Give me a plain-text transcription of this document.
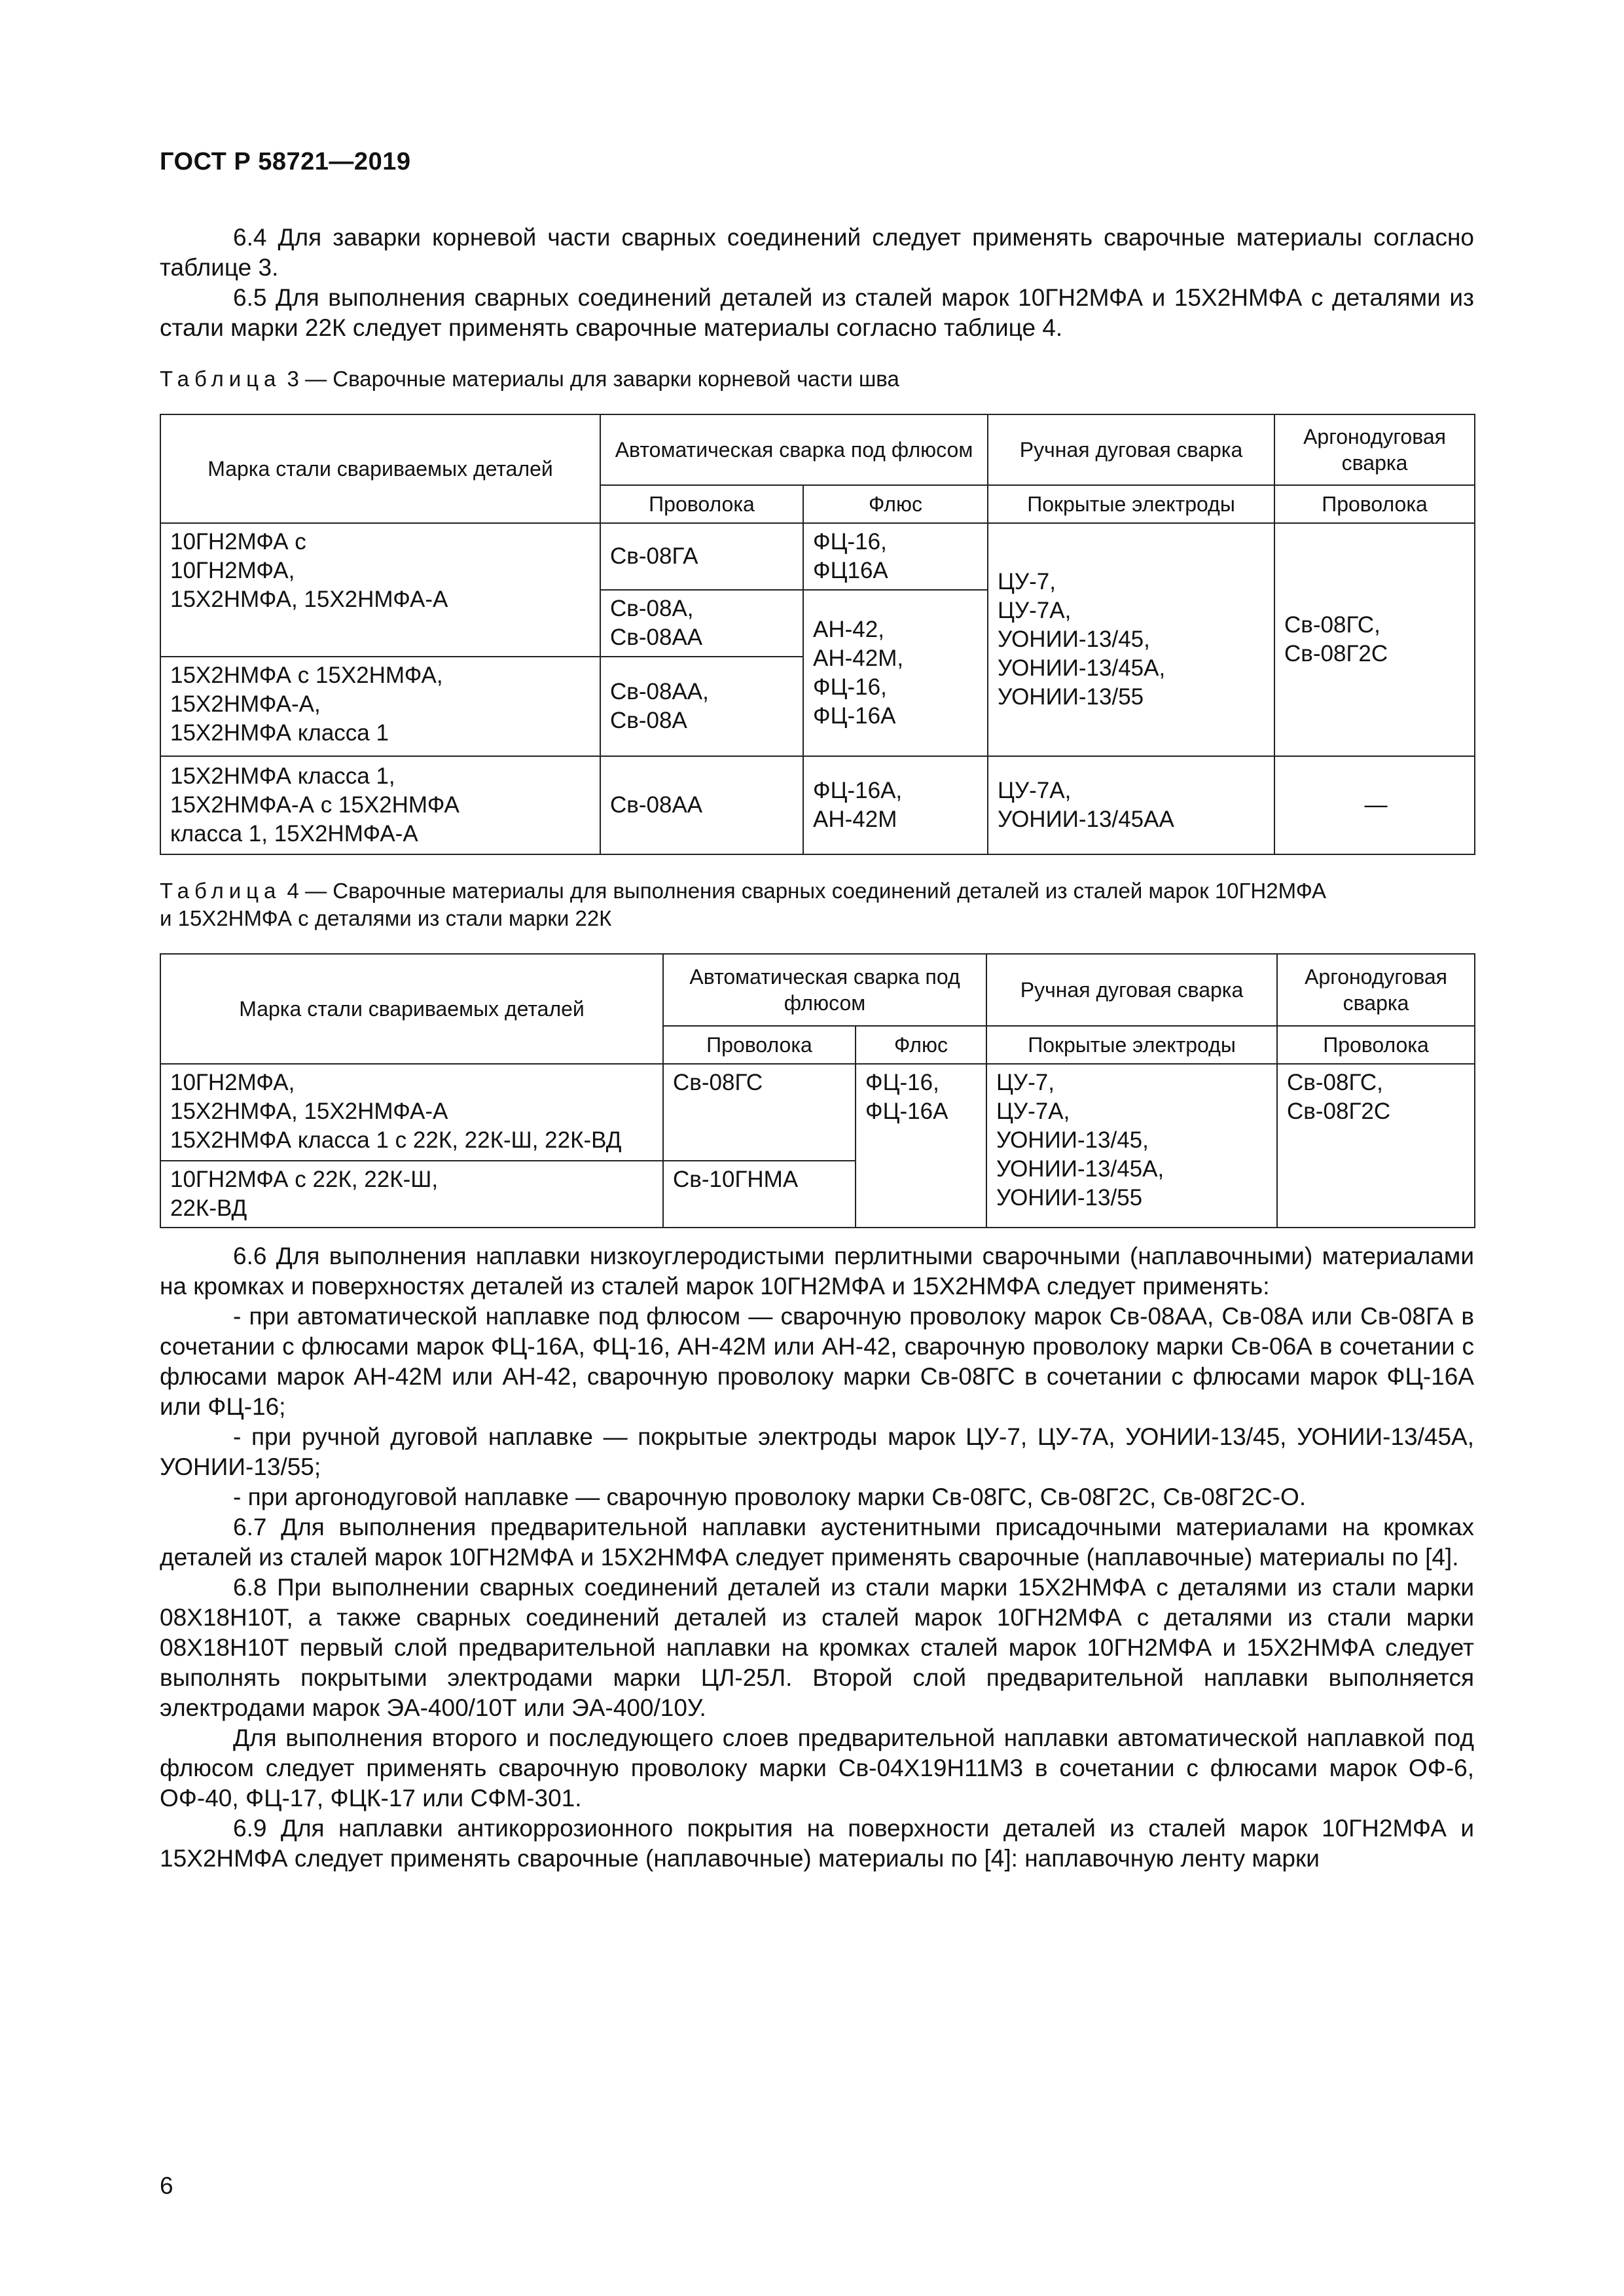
ГОСТ Р 58721—2019

6.4 Для заварки корневой части сварных соединений следует применять сварочные материалы согласно таблице 3.

6.5 Для выполнения сварных соединений деталей из сталей марок 10ГН2МФА и 15Х2НМФА с деталями из стали марки 22К следует применять сварочные материалы согласно таблице 4.

Таблица 3 — Сварочные материалы для заварки корневой части шва

Марка стали свариваемых деталей	Автоматическая сварка под флюсом		Ручная дуговая сварка	Аргонодуговая сварка
	Проволока	Флюс	Покрытые электроды	Проволока

10ГН2МФА с
10ГН2МФА,
15Х2НМФА, 15Х2НМФА-А	Св-08ГА	ФЦ-16,
ФЦ16А	ЦУ-7,
ЦУ-7А,
УОНИИ-13/45,
УОНИИ-13/45А,
УОНИИ-13/55	Св-08ГС,
Св-08Г2С

	Св-08А,
Св-08АА	АН-42,
АН-42М,
ФЦ-16,
ФЦ-16А		

15Х2НМФА с 15Х2НМФА,
15Х2НМФА-А,
15Х2НМФА класса 1	Св-08АА,
Св-08А			

15Х2НМФА класса 1,
15Х2НМФА-А с 15Х2НМФА
класса 1, 15Х2НМФА-А	Св-08АА	ФЦ-16А,
АН-42М	ЦУ-7А,
УОНИИ-13/45АА	—

Таблица 4 — Сварочные материалы для выполнения сварных соединений деталей из сталей марок 10ГН2МФА
и 15Х2НМФА с деталями из стали марки 22К

Марка стали свариваемых деталей	Автоматическая сварка под флюсом		Ручная дуговая сварка	Аргонодуговая сварка
	Проволока	Флюс	Покрытые электроды	Проволока

10ГН2МФА,
15Х2НМФА, 15Х2НМФА-А
15Х2НМФА класса 1 с 22К, 22К-Ш, 22К-ВД	Св-08ГС	ФЦ-16,
ФЦ-16А	ЦУ-7,
ЦУ-7А,
УОНИИ-13/45,
УОНИИ-13/45А,
УОНИИ-13/55	Св-08ГС,
Св-08Г2С

10ГН2МФА с 22К, 22К-Ш,
22К-ВД	Св-10ГНМА			

6.6 Для выполнения наплавки низкоуглеродистыми перлитными сварочными (наплавочными) материалами на кромках и поверхностях деталей из сталей марок 10ГН2МФА и 15Х2НМФА следует применять:

- при автоматической наплавке под флюсом — сварочную проволоку марок Св-08АА, Св-08А или Св-08ГА в сочетании с флюсами марок ФЦ-16А, ФЦ-16, АН-42М или АН-42, сварочную проволоку марки Св-06А в сочетании с флюсами марок АН-42М или АН-42, сварочную проволоку марки Св-08ГС в сочетании с флюсами марок ФЦ-16А или ФЦ-16;

- при ручной дуговой наплавке — покрытые электроды марок ЦУ-7, ЦУ-7А, УОНИИ-13/45, УОНИИ-13/45А, УОНИИ-13/55;

- при аргонодуговой наплавке — сварочную проволоку марки Св-08ГС, Св-08Г2С, Св-08Г2С-О.

6.7 Для выполнения предварительной наплавки аустенитными присадочными материалами на кромках деталей из сталей марок 10ГН2МФА и 15Х2НМФА следует применять сварочные (наплавочные) материалы по [4].

6.8 При выполнении сварных соединений деталей из стали марки 15Х2НМФА с деталями из стали марки 08Х18Н10Т, а также сварных соединений деталей из сталей марок 10ГН2МФА с деталями из стали марки 08Х18Н10Т первый слой предварительной наплавки на кромках сталей марок 10ГН2МФА и 15Х2НМФА следует выполнять покрытыми электродами марки ЦЛ-25Л. Второй слой предварительной наплавки выполняется электродами марок ЭА-400/10Т или ЭА-400/10У.

Для выполнения второго и последующего слоев предварительной наплавки автоматической наплавкой под флюсом следует применять сварочную проволоку марки Св-04Х19Н11М3 в сочетании с флюсами марок ОФ-6, ОФ-40, ФЦ-17, ФЦК-17 или СФМ-301.

6.9 Для наплавки антикоррозионного покрытия на поверхности деталей из сталей марок 10ГН2МФА и 15Х2НМФА следует применять сварочные (наплавочные) материалы по [4]: наплавочную ленту марки

6
